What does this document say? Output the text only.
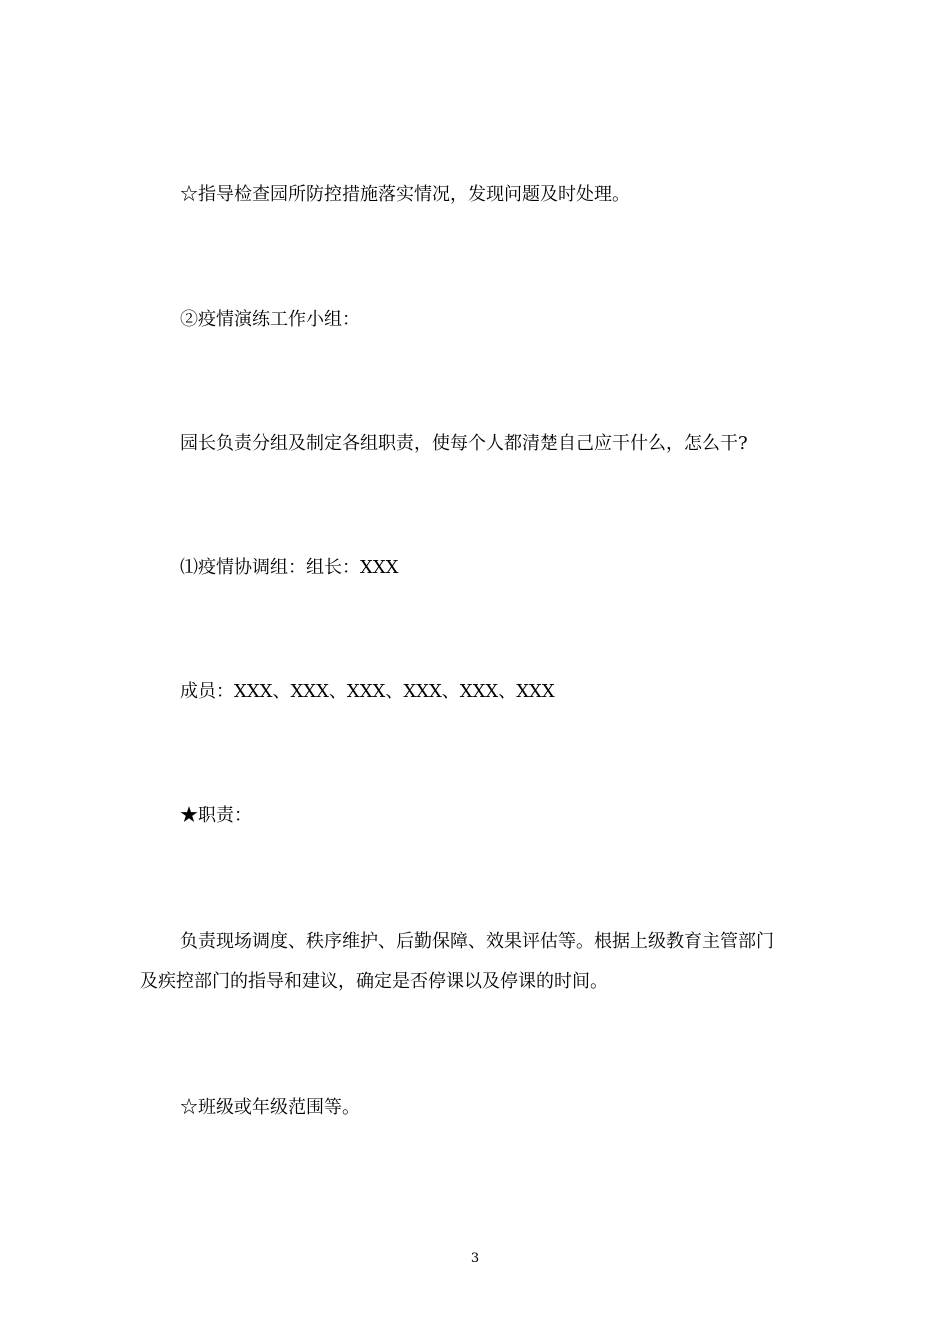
☆指导检查园所防控措施落实情况，发现问题及时处理。
②疫情演练工作小组：
园长负责分组及制定各组职责，使每个人都清楚自己应干什么，怎么干?
⑴疫情协调组：组长：XXX
成员：XXX、XXX、XXX、XXX、XXX、XXX
★职责：
负责现场调度、秩序维护、后勤保障、效果评估等。根据上级教育主管部门
及疾控部门的指导和建议，确定是否停课以及停课的时间。
☆班级或年级范围等。
3
